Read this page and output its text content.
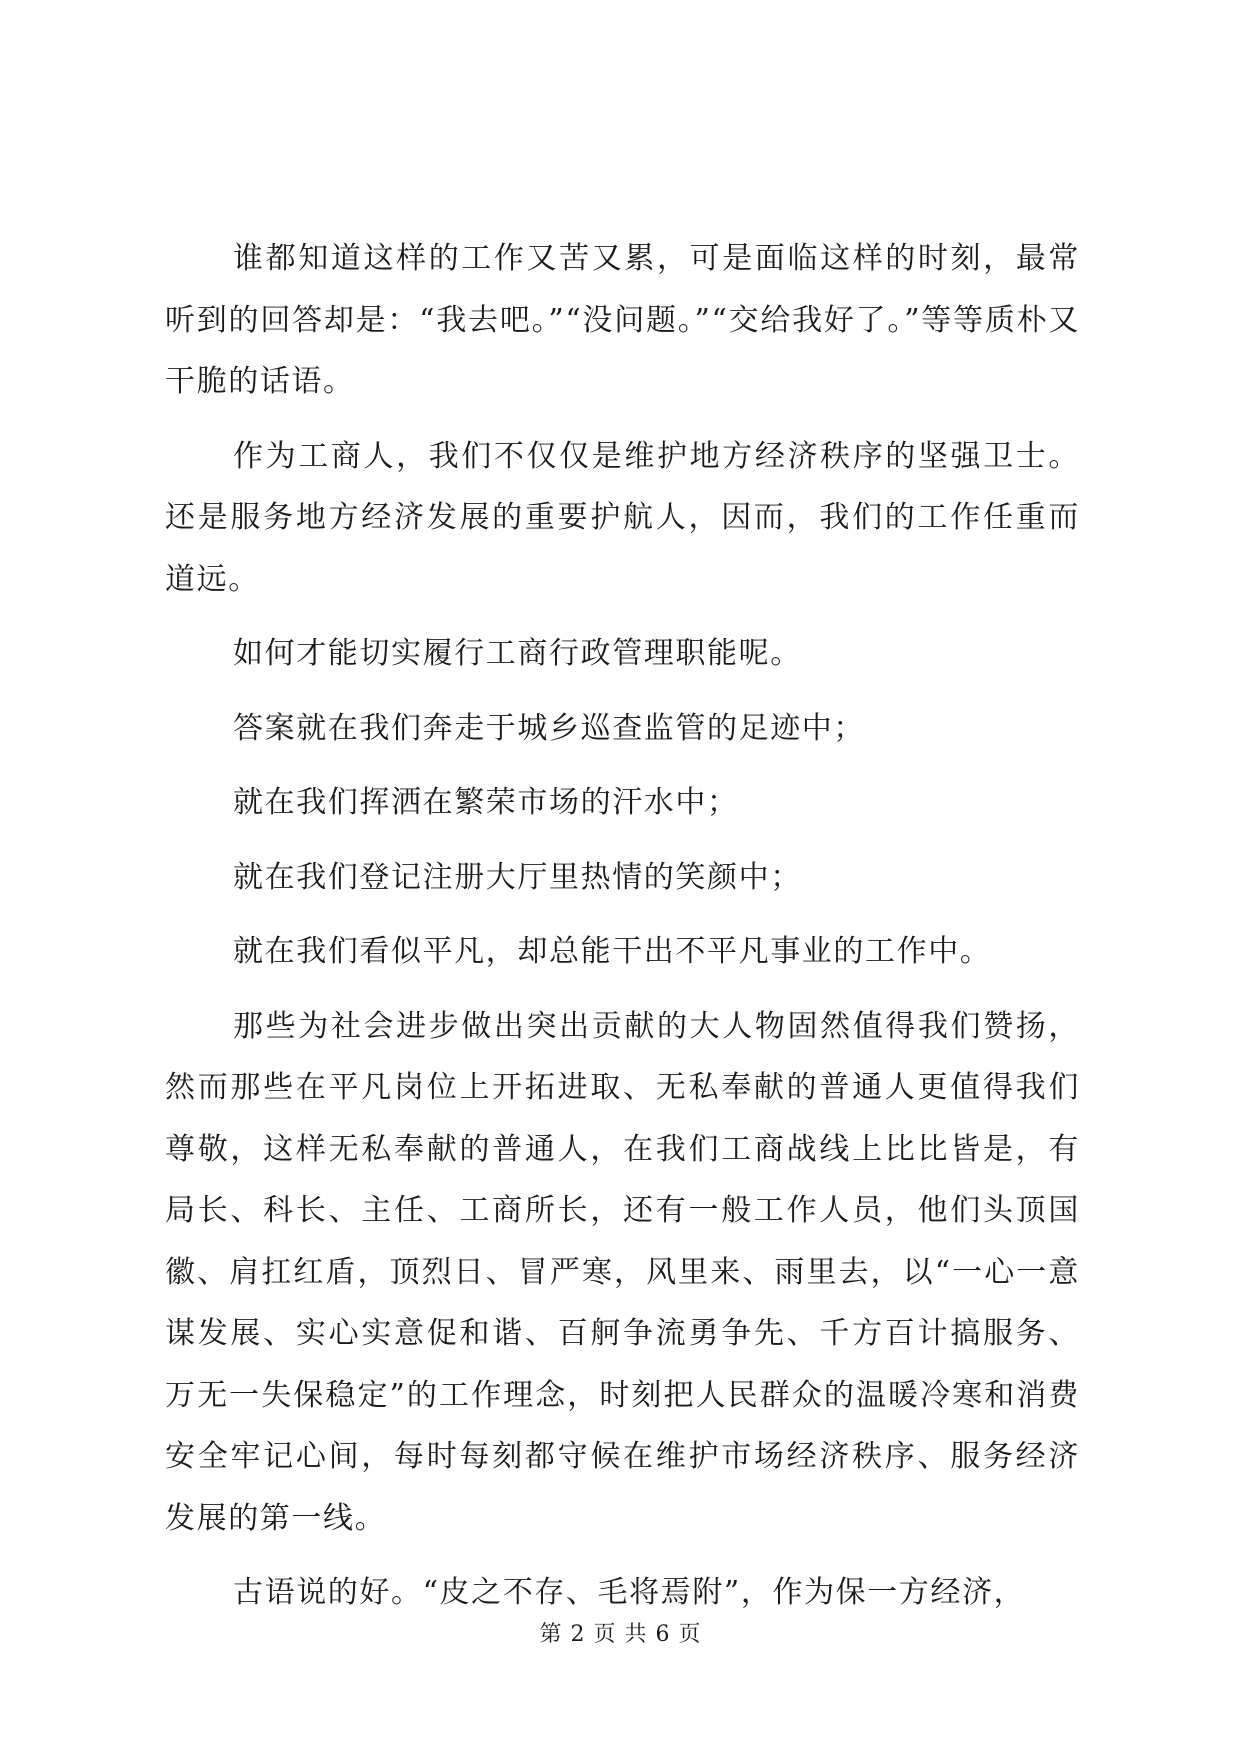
谁都知道这样的工作又苦又累，可是面临这样的时刻，最常听到的回答却是：“我去吧。”“没问题。”“交给我好了。”等等质朴又干脆的话语。

作为工商人，我们不仅仅是维护地方经济秩序的坚强卫士。还是服务地方经济发展的重要护航人，因而，我们的工作任重而道远。

如何才能切实履行工商行政管理职能呢。

答案就在我们奔走于城乡巡查监管的足迹中；

就在我们挥洒在繁荣市场的汗水中；

就在我们登记注册大厅里热情的笑颜中；

就在我们看似平凡，却总能干出不平凡事业的工作中。

那些为社会进步做出突出贡献的大人物固然值得我们赞扬，然而那些在平凡岗位上开拓进取、无私奉献的普通人更值得我们尊敬，这样无私奉献的普通人，在我们工商战线上比比皆是，有局长、科长、主任、工商所长，还有一般工作人员，他们头顶国徽、肩扛红盾，顶烈日、冒严寒，风里来、雨里去，以“一心一意谋发展、实心实意促和谐、百舸争流勇争先、千方百计搞服务、万无一失保稳定”的工作理念，时刻把人民群众的温暖冷寒和消费安全牢记心间，每时每刻都守候在维护市场经济秩序、服务经济发展的第一线。

古语说的好。“皮之不存、毛将焉附”，作为保一方经济，

第 2 页 共 6 页
